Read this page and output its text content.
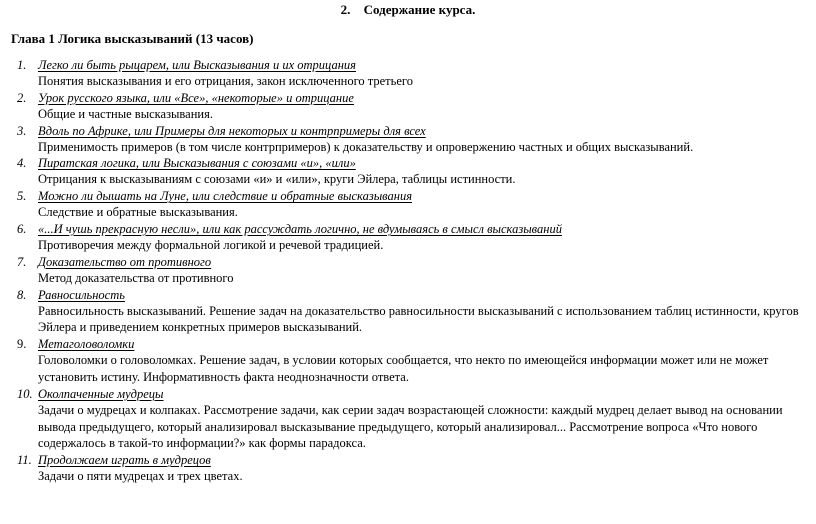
2. Содержание курса.
Глава 1 Логика высказываний (13 часов)
1. Легко ли быть рыцарем, или Высказывания и их отрицания
Понятия высказывания и его отрицания, закон исключенного третьего
2. Урок русского языка, или «Все», «некоторые» и отрицание
Общие и частные высказывания.
3. Вдоль по Африке, или Примеры для некоторых и контрпримеры для всех
Применимость примеров (в том числе контрпримеров) к доказательству и опровержению частных и общих высказываний.
4. Пиратская логика, или Высказывания с союзами «и», «или»
Отрицания к высказываниям с союзами «и» и «или», круги Эйлера, таблицы истинности.
5. Можно ли дышать на Луне, или следствие и обратные высказывания
Следствие и обратные высказывания.
6. «...И чушь прекрасную несли», или как рассуждать логично, не вдумываясь в смысл высказываний
Противоречия между формальной логикой и речевой традицией.
7. Доказательство от противного
Метод доказательства от противного
8. Равносильность
Равносильность высказываний. Решение задач на доказательство равносильности высказываний с использованием таблиц истинности, кругов Эйлера и приведением конкретных примеров высказываний.
9. Метаголоволомки
Головоломки о головоломках. Решение задач, в условии которых сообщается, что некто по имеющейся информации может или не может установить истину. Информативность факта неоднозначности ответа.
10. Околпаченные мудрецы
Задачи о мудрецах и колпаках. Рассмотрение задачи, как серии задач возрастающей сложности: каждый мудрец делает вывод на основании вывода предыдущего, который анализировал высказывание предыдущего, который анализировал... Рассмотрение вопроса «Что нового содержалось в такой-то информации?» как формы парадокса.
11. Продолжаем играть в мудрецов
Задачи о пяти мудрецах и трех цветах.
